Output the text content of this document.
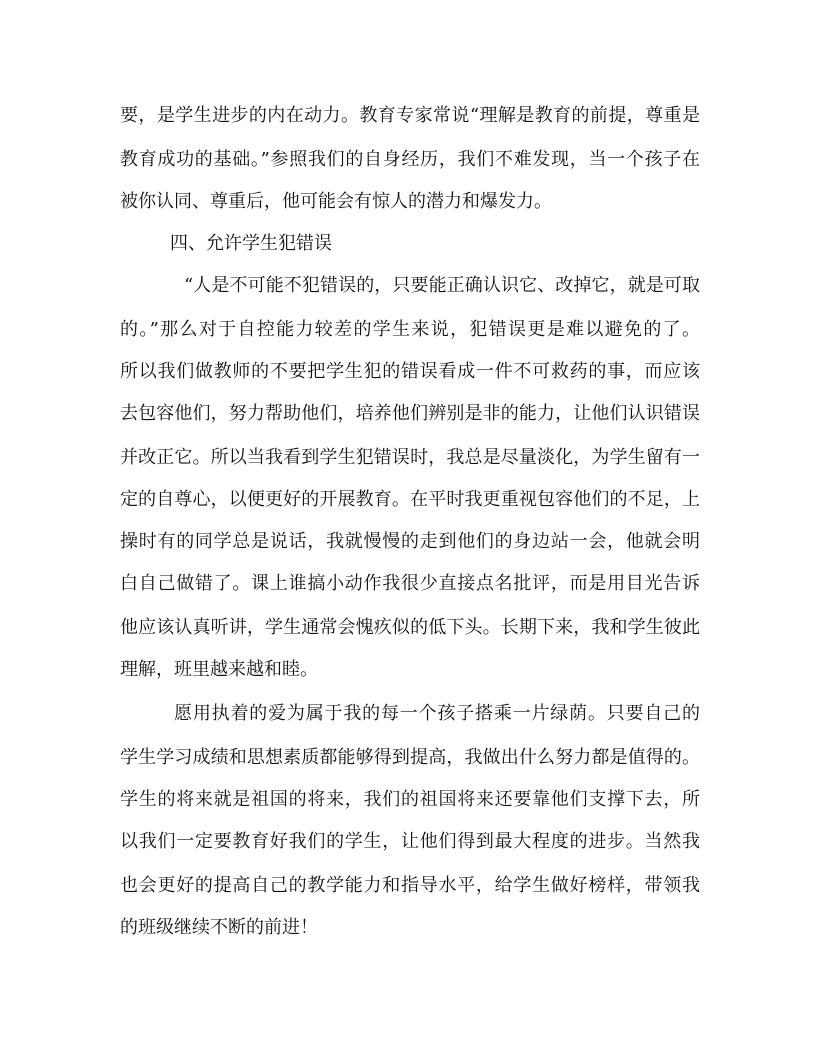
要，是学生进步的内在动力。教育专家常说“理解是教育的前提，尊重是
教育成功的基础。”参照我们的自身经历，我们不难发现，当一个孩子在
被你认同、尊重后，他可能会有惊人的潜力和爆发力。
四、允许学生犯错误
“人是不可能不犯错误的，只要能正确认识它、改掉它，就是可取
的。”那么对于自控能力较差的学生来说，犯错误更是难以避免的了。
所以我们做教师的不要把学生犯的错误看成一件不可救药的事，而应该
去包容他们，努力帮助他们，培养他们辨别是非的能力，让他们认识错误
并改正它。所以当我看到学生犯错误时，我总是尽量淡化，为学生留有一
定的自尊心，以便更好的开展教育。在平时我更重视包容他们的不足，上
操时有的同学总是说话，我就慢慢的走到他们的身边站一会，他就会明
白自己做错了。课上谁搞小动作我很少直接点名批评，而是用目光告诉
他应该认真听讲，学生通常会愧疚似的低下头。长期下来，我和学生彼此
理解，班里越来越和睦。
愿用执着的爱为属于我的每一个孩子搭乘一片绿荫。只要自己的
学生学习成绩和思想素质都能够得到提高，我做出什么努力都是值得的。
学生的将来就是祖国的将来，我们的祖国将来还要靠他们支撑下去，所
以我们一定要教育好我们的学生，让他们得到最大程度的进步。当然我
也会更好的提高自己的教学能力和指导水平，给学生做好榜样，带领我
的班级继续不断的前进！
